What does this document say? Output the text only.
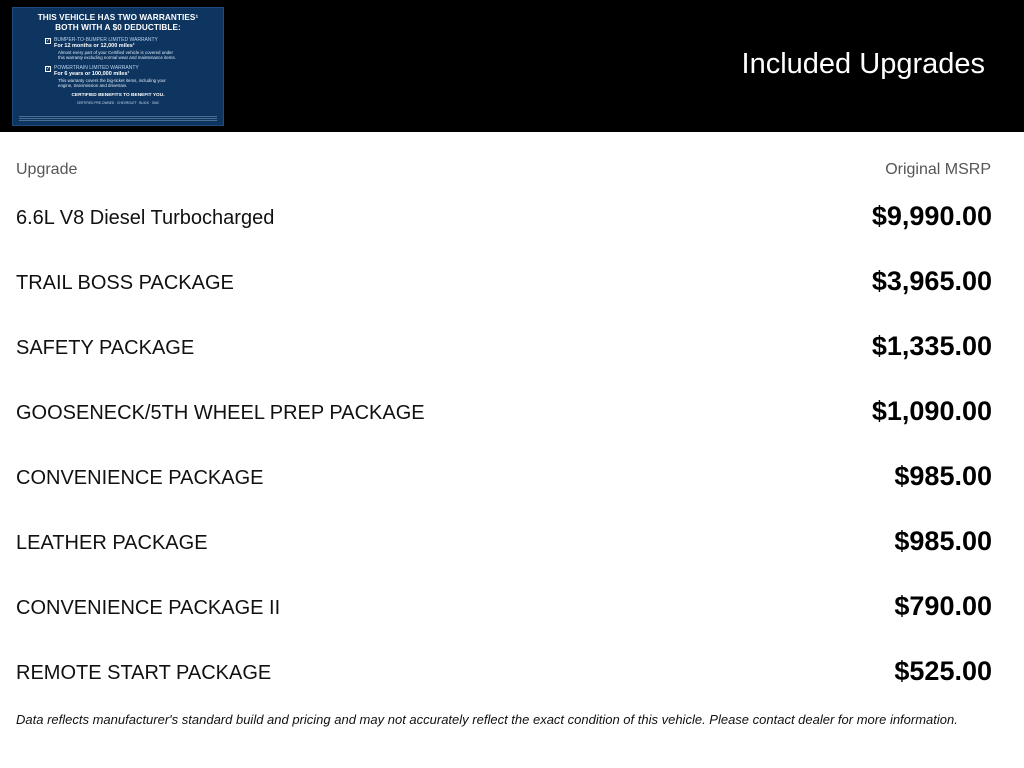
THIS VEHICLE HAS TWO WARRANTIES¹
BOTH WITH A $0 DEDUCTIBLE:
✓ BUMPER-TO-BUMPER LIMITED WARRANTY
For 12 months or 12,000 miles¹
Almost every part of your Certified vehicle is covered under
this warranty excluding normal wear and maintenance items.
✓ POWERTRAIN LIMITED WARRANTY
For 6 years or 100,000 miles¹
This warranty covers the big-ticket items, including your
engine, transmission and drivetrain.
CERTIFIED BENEFITS TO BENEFIT YOU.
CERTIFIED PRE-OWNED · CHEVROLET · BUICK · GMC
Included Upgrades
Upgrade	Original MSRP
6.6L V8 Diesel Turbocharged	$9,990.00
TRAIL BOSS PACKAGE	$3,965.00
SAFETY PACKAGE	$1,335.00
GOOSENECK/5TH WHEEL PREP PACKAGE	$1,090.00
CONVENIENCE PACKAGE	$985.00
LEATHER PACKAGE	$985.00
CONVENIENCE PACKAGE II	$790.00
REMOTE START PACKAGE	$525.00
Data reflects manufacturer's standard build and pricing and may not accurately reflect the exact condition of this vehicle. Please contact dealer for more information.
